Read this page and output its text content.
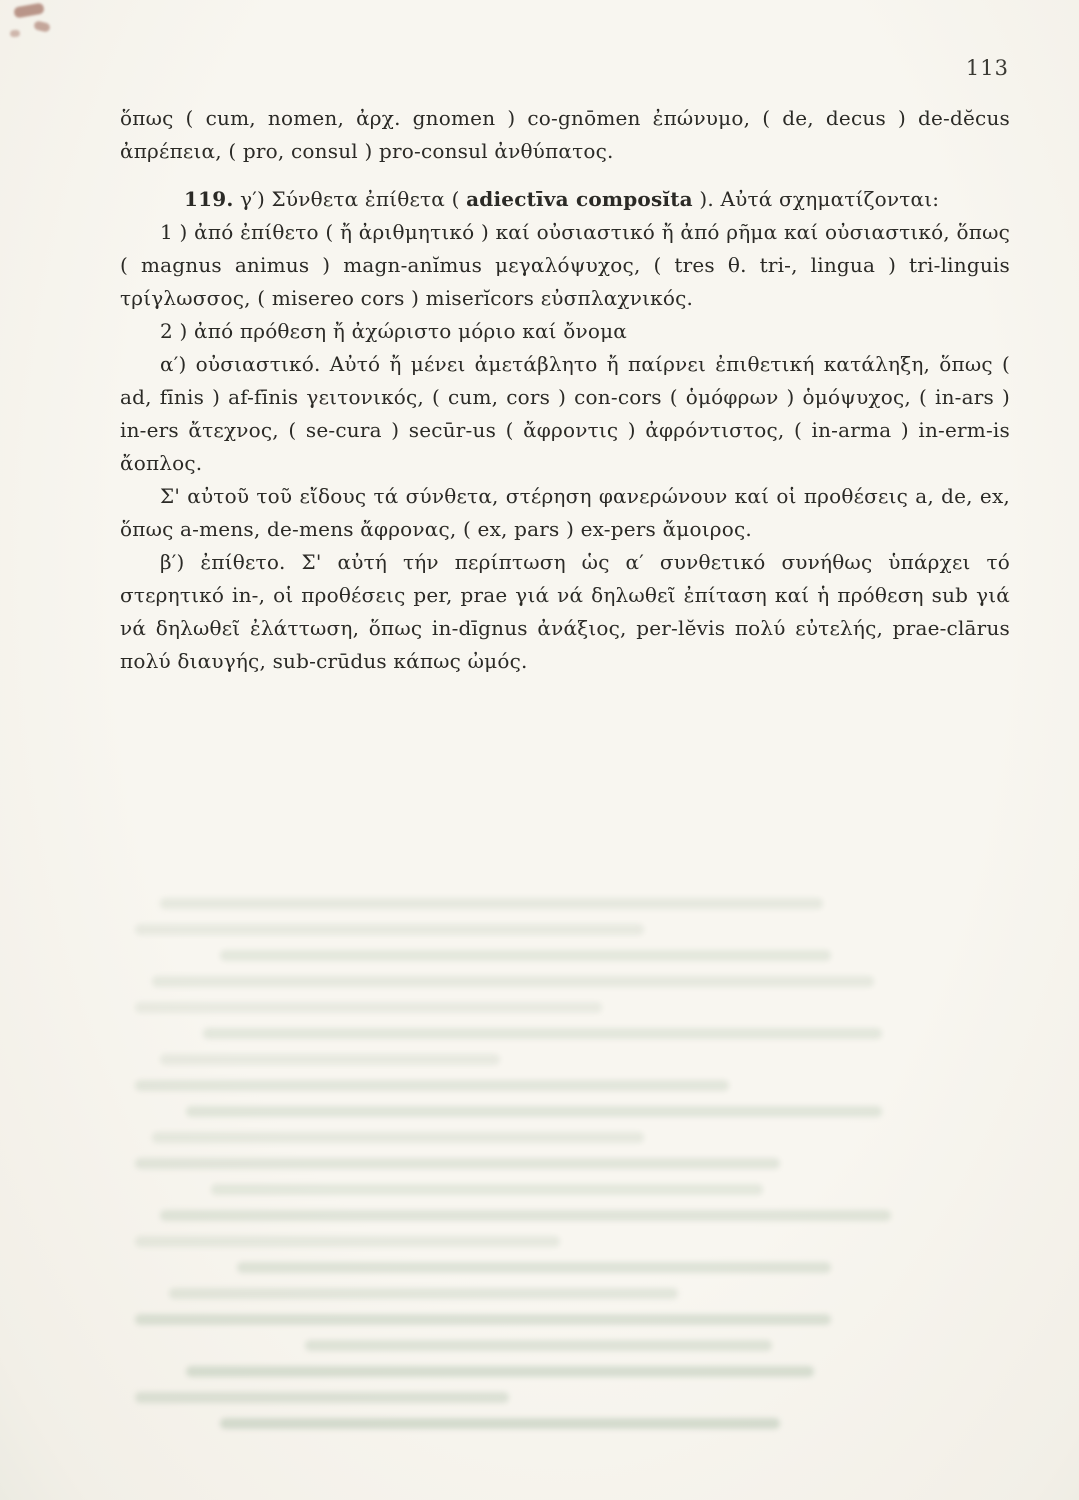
113

ὅπως ( cum, nomen, ἀρχ. gnomen ) co-gnōmen ἐπώνυμο, ( de, decus ) de-dĕcus ἀπρέπεια, ( pro, consul ) pro-consul ἀνθύπατος.

119. γ′) Σύνθετα ἐπίθετα ( adiectīva composĭta ). Αὐτά σχηματίζονται:

1 ) ἀπό ἐπίθετο ( ἤ ἀριθμητικό ) καί οὐσιαστικό ἤ ἀπό ρῆμα καί οὐσιαστικό, ὅπως ( magnus animus ) magn-anĭmus μεγαλόψυχος, ( tres θ. tri-, lingua ) tri-linguis τρίγλωσσος, ( misereo cors ) miserĭcors εὐσπλαχνικός.

2 ) ἀπό πρόθεση ἤ ἀχώριστο μόριο καί ὄνομα

α′) οὐσιαστικό. Αὐτό ἤ μένει ἀμετάβλητο ἤ παίρνει ἐπιθετική κατάληξη, ὅπως ( ad, fīnis ) af-fīnis γειτονικός, ( cum, cors ) con-cors ( ὁμόφρων ) ὁμόψυχος, ( in-ars ) in-ers ἄτεχνος, ( se-cura ) secūr-us ( ἄφροντις ) ἀφρόντιστος, ( in-arma ) in-erm-is ἄοπλος.

Σ' αὐτοῦ τοῦ εἴδους τά σύνθετα, στέρηση φανερώνουν καί οἱ προθέσεις a, de, ex, ὅπως a-mens, de-mens ἄφρονας, ( ex, pars ) ex-pers ἄμοιρος.

β′) ἐπίθετο. Σ' αὐτή τήν περίπτωση ὡς α′ συνθετικό συνήθως ὑπάρχει τό στερητικό in-, οἱ προθέσεις per, prae γιά νά δηλωθεῖ ἐπίταση καί ἡ πρόθεση sub γιά νά δηλωθεῖ ἐλάττωση, ὅπως in-dīgnus ἀνάξιος, per-lĕvis πολύ εὐτελής, prae-clārus πολύ διαυγής, sub-crūdus κάπως ὠμός.
